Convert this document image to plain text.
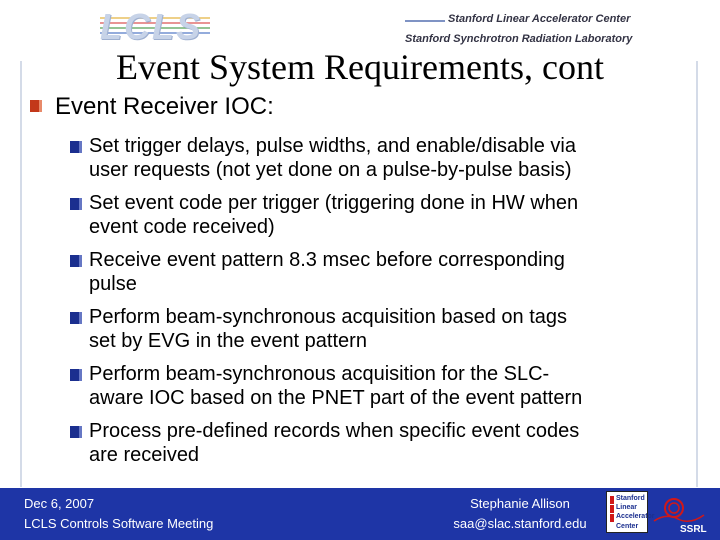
LCLS	Stanford Linear Accelerator Center
Stanford Synchrotron Radiation Laboratory
Event System Requirements, cont
Event Receiver IOC:
Set trigger delays, pulse widths, and enable/disable via
user requests (not yet done on a pulse-by-pulse basis)
Set event code per trigger (triggering done in HW when
event code received)
Receive event pattern 8.3 msec before corresponding
pulse
Perform beam-synchronous acquisition based on tags
set by EVG in the event pattern
Perform beam-synchronous acquisition for the SLC-
aware IOC based on the PNET part of the event pattern
Process pre-defined records when specific event codes
are received
Dec 6, 2007
LCLS Controls Software Meeting
Stephanie Allison
saa@slac.stanford.edu
Stanford
Linear
Accelerator
Center	SSRL
